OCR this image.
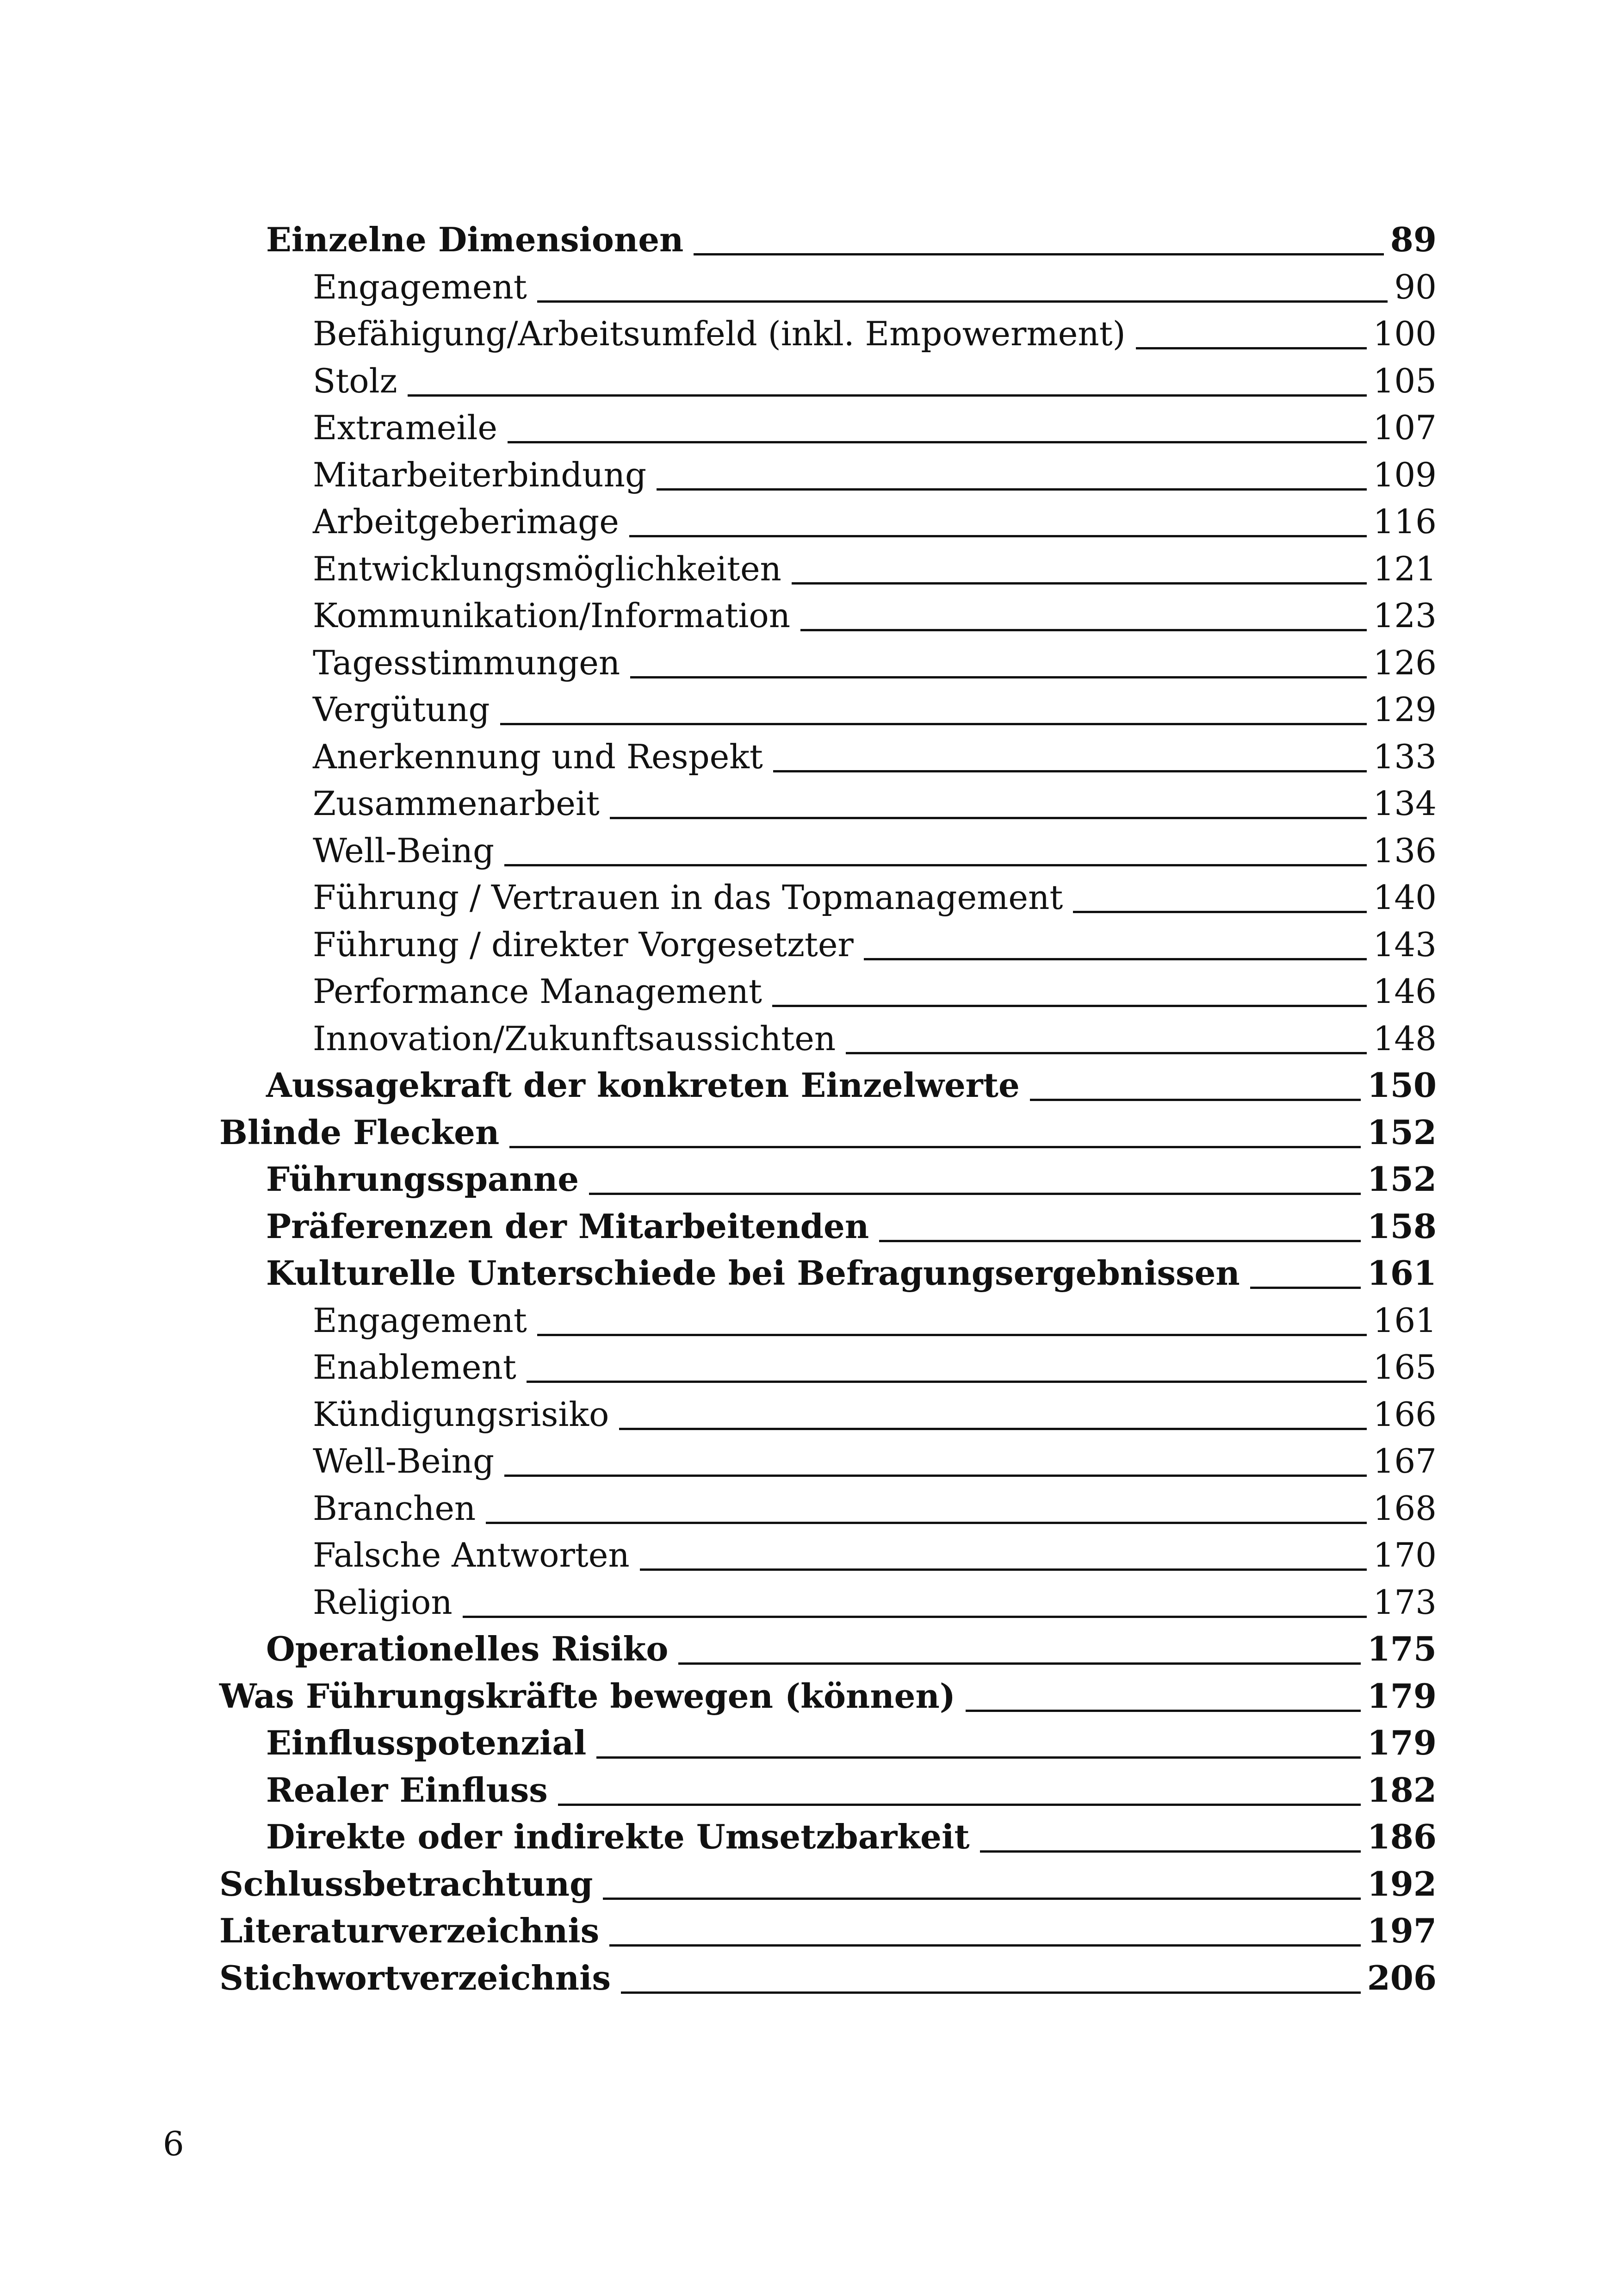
Einzelne Dimensionen	89
Engagement	90
Befähigung/Arbeitsumfeld (inkl. Empowerment)	100
Stolz	105
Extrameile	107
Mitarbeiterbindung	109
Arbeitgeberimage	116
Entwicklungsmöglichkeiten	121
Kommunikation/Information	123
Tagesstimmungen	126
Vergütung	129
Anerkennung und Respekt	133
Zusammenarbeit	134
Well-Being	136
Führung / Vertrauen in das Topmanagement	140
Führung / direkter Vorgesetzter	143
Performance Management	146
Innovation/Zukunftsaussichten	148
Aussagekraft der konkreten Einzelwerte	150
Blinde Flecken	152
Führungsspanne	152
Präferenzen der Mitarbeitenden	158
Kulturelle Unterschiede bei Befragungsergebnissen	161
Engagement	161
Enablement	165
Kündigungsrisiko	166
Well-Being	167
Branchen	168
Falsche Antworten	170
Religion	173
Operationelles Risiko	175
Was Führungskräfte bewegen (können)	179
Einflusspotenzial	179
Realer Einfluss	182
Direkte oder indirekte Umsetzbarkeit	186
Schlussbetrachtung	192
Literaturverzeichnis	197
Stichwortverzeichnis	206
6
